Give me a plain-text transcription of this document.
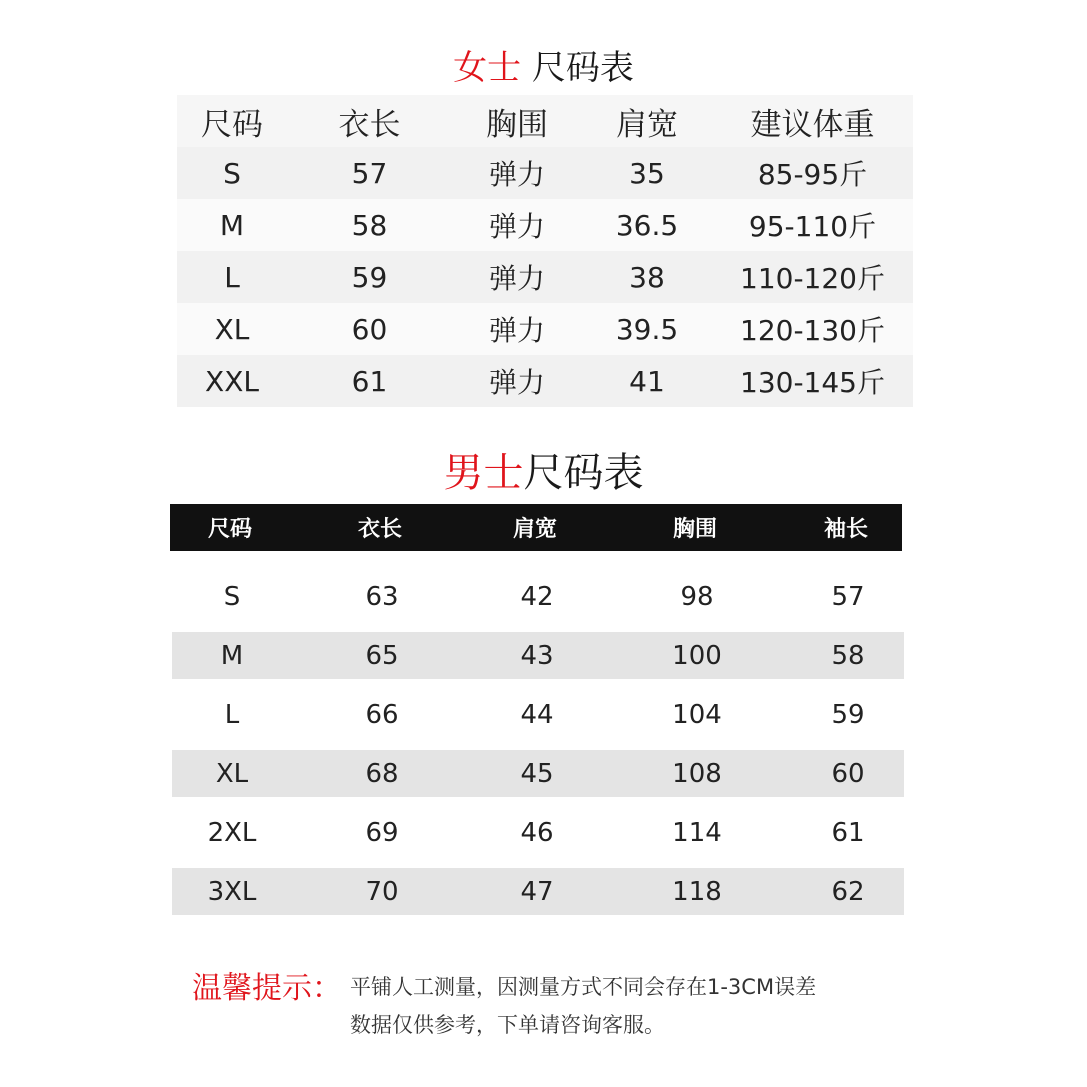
女士 尺码表
尺码	衣长	胸围	肩宽	建议体重
S	57	弹力	35	85-95斤
M	58	弹力	36.5	95-110斤
L	59	弹力	38	110-120斤
XL	60	弹力	39.5	120-130斤
XXL	61	弹力	41	130-145斤
男士尺码表
尺码	衣长	肩宽	胸围	袖长
S	63	42	98	57
M	65	43	100	58
L	66	44	104	59
XL	68	45	108	60
2XL	69	46	114	61
3XL	70	47	118	62
温馨提示： 平铺人工测量，因测量方式不同会存在1-3CM误差
数据仅供参考，下单请咨询客服。
